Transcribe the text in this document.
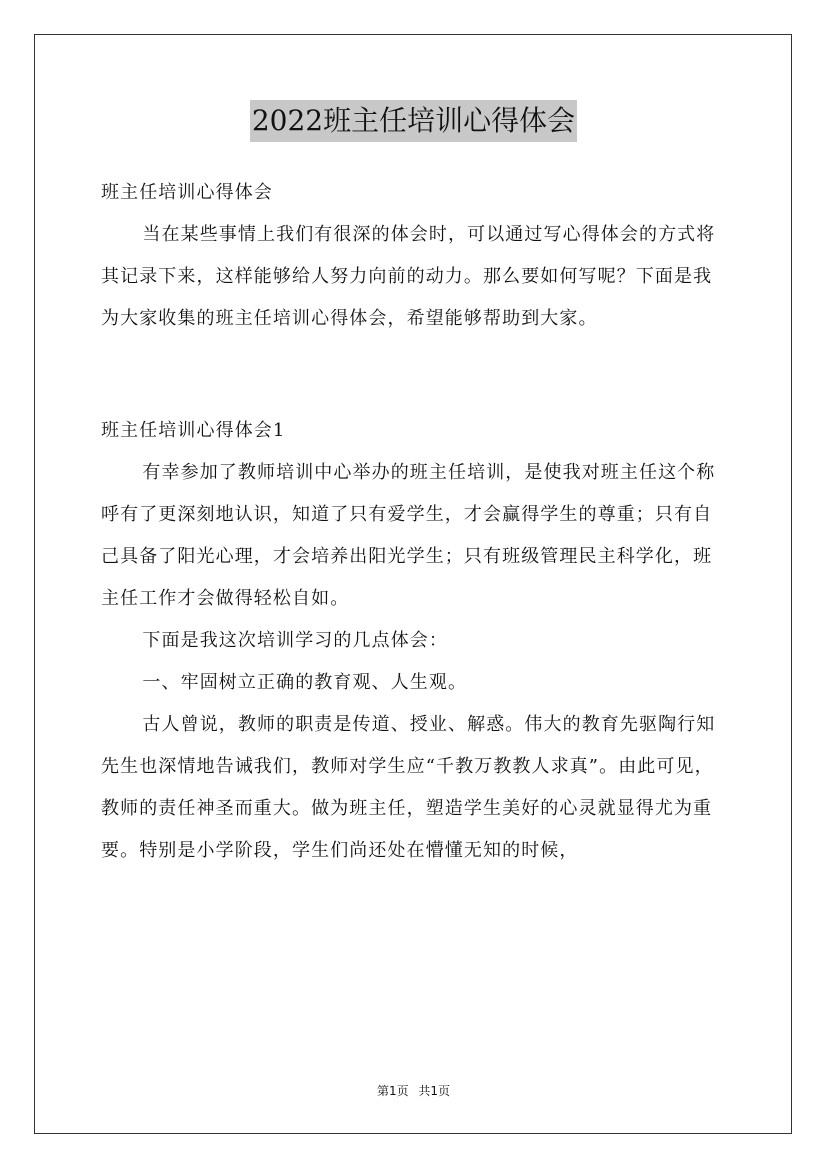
2022班主任培训心得体会

班主任培训心得体会

当在某些事情上我们有很深的体会时，可以通过写心得体会的方式将其记录下来，这样能够给人努力向前的动力。那么要如何写呢？下面是我为大家收集的班主任培训心得体会，希望能够帮助到大家。

班主任培训心得体会1

有幸参加了教师培训中心举办的班主任培训，是使我对班主任这个称呼有了更深刻地认识，知道了只有爱学生，才会赢得学生的尊重；只有自己具备了阳光心理，才会培养出阳光学生；只有班级管理民主科学化，班主任工作才会做得轻松自如。

下面是我这次培训学习的几点体会：

一、牢固树立正确的教育观、人生观。

古人曾说，教师的职责是传道、授业、解惑。伟大的教育先驱陶行知先生也深情地告诫我们，教师对学生应“千教万教教人求真”。由此可见，教师的责任神圣而重大。做为班主任，塑造学生美好的心灵就显得尤为重要。特别是小学阶段，学生们尚还处在懵懂无知的时候，

第1页 共1页
